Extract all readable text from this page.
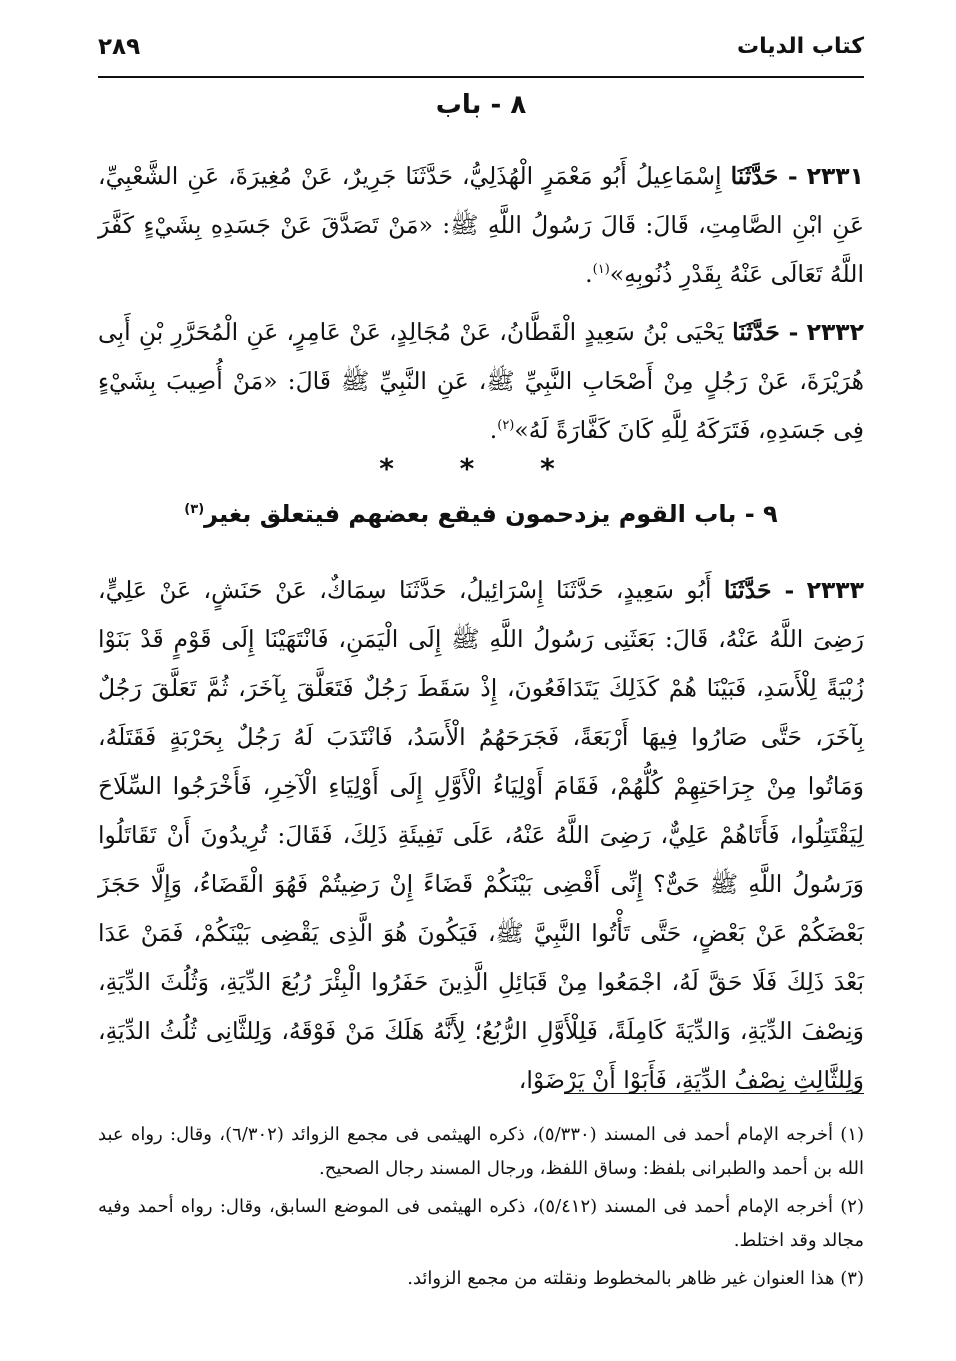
كتاب الديات
٢٨٩
٨ - باب

٢٣٣١ - حَدَّثَنَا إِسْمَاعِيلُ أَبُو مَعْمَرٍ الْهُذَلِيُّ، حَدَّثَنَا جَرِيرٌ، عَنْ مُغِيرَةَ، عَنِ الشَّعْبِيِّ، عَنِ ابْنِ الصَّامِتِ، قَالَ: قَالَ رَسُولُ اللَّهِ ﷺ: «مَنْ تَصَدَّقَ عَنْ جَسَدِهِ بِشَيْءٍ كَفَّرَ اللَّهُ تَعَالَى عَنْهُ بِقَدْرِ ذُنُوبِهِ»$^{(١)}$.

٢٣٣٢ - حَدَّثَنَا يَحْيَى بْنُ سَعِيدٍ الْقَطَّانُ، عَنْ مُجَالِدٍ، عَنْ عَامِرٍ، عَنِ الْمُحَرَّرِ بْنِ أَبِى هُرَيْرَةَ، عَنْ رَجُلٍ مِنْ أَصْحَابِ النَّبِيِّ ﷺ، عَنِ النَّبِيِّ ﷺ قَالَ: «مَنْ أُصِيبَ بِشَيْءٍ فِى جَسَدِهِ، فَتَرَكَهُ لِلَّهِ كَانَ كَفَّارَةً لَهُ»$^{(٢)}$.

* * *
٩ - باب القوم يزدحمون فيقع بعضهم فيتعلق بغير$^{(٣)}$

٢٣٣٣ - حَدَّثَنَا أَبُو سَعِيدٍ، حَدَّثَنَا إِسْرَائِيلُ، حَدَّثَنَا سِمَاكٌ، عَنْ حَنَشٍ، عَنْ عَلِيٍّ، رَضِىَ اللَّهُ عَنْهُ، قَالَ: بَعَثَنِى رَسُولُ اللَّهِ ﷺ إِلَى الْيَمَنِ، فَانْتَهَيْنَا إِلَى قَوْمٍ قَدْ بَنَوْا زُبْيَةً لِلْأَسَدِ، فَبَيْنَا هُمْ كَذَلِكَ يَتَدَافَعُونَ، إِذْ سَقَطَ رَجُلٌ فَتَعَلَّقَ بِآخَرَ، ثُمَّ تَعَلَّقَ رَجُلٌ بِآخَرَ، حَتَّى صَارُوا فِيهَا أَرْبَعَةً، فَجَرَحَهُمُ الْأَسَدُ، فَانْتَدَبَ لَهُ رَجُلٌ بِحَرْبَةٍ فَقَتَلَهُ، وَمَاتُوا مِنْ جِرَاحَتِهِمْ كُلُّهُمْ، فَقَامَ أَوْلِيَاءُ الْأَوَّلِ إِلَى أَوْلِيَاءِ الْآخِرِ، فَأَخْرَجُوا السِّلَاحَ لِيَقْتَتِلُوا، فَأَتَاهُمْ عَلِيٌّ، رَضِىَ اللَّهُ عَنْهُ، عَلَى تَفِيئَةِ ذَلِكَ، فَقَالَ: تُرِيدُونَ أَنْ تَقَاتَلُوا وَرَسُولُ اللَّهِ ﷺ حَىٌّ؟ إِنِّى أَقْضِى بَيْنَكُمْ قَضَاءً إِنْ رَضِيتُمْ فَهُوَ الْقَضَاءُ، وَإِلَّا حَجَزَ بَعْضَكُمْ عَنْ بَعْضٍ، حَتَّى تَأْتُوا النَّبِيَّ ﷺ، فَيَكُونَ هُوَ الَّذِى يَقْضِى بَيْنَكُمْ، فَمَنْ عَدَا بَعْدَ ذَلِكَ فَلَا حَقَّ لَهُ، اجْمَعُوا مِنْ قَبَائِلِ الَّذِينَ حَفَرُوا الْبِئْرَ رُبُعَ الدِّيَةِ، وَثُلُثَ الدِّيَةِ، وَنِصْفَ الدِّيَةِ، وَالدِّيَةَ كَامِلَةً، فَلِلْأَوَّلِ الرُّبُعُ؛ لِأَنَّهُ هَلَكَ مَنْ فَوْقَهُ، وَلِلثَّانِى ثُلُثُ الدِّيَةِ، وَلِلثَّالِثِ نِصْفُ الدِّيَةِ، فَأَبَوْا أَنْ يَرْضَوْا،

(١) أخرجه الإمام أحمد فى المسند (٥/٣٣٠)، ذكره الهيثمى فى مجمع الزوائد (٦/٣٠٢)، وقال: رواه عبد الله بن أحمد والطبرانى بلفظ: وساق اللفظ، ورجال المسند رجال الصحيح.

(٢) أخرجه الإمام أحمد فى المسند (٥/٤١٢)، ذكره الهيثمى فى الموضع السابق، وقال: رواه أحمد وفيه مجالد وقد اختلط.

(٣) هذا العنوان غير ظاهر بالمخطوط ونقلته من مجمع الزوائد.
